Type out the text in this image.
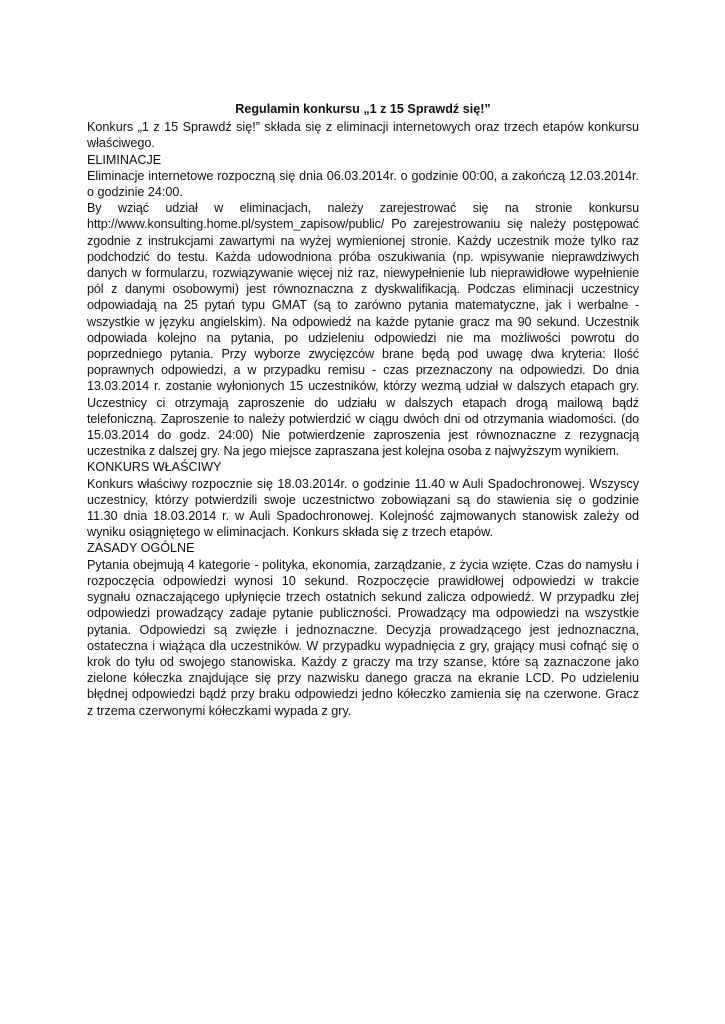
Regulamin konkursu „1 z 15 Sprawdź się!”

Konkurs „1 z 15 Sprawdź się!” składa się z eliminacji internetowych oraz trzech etapów konkursu właściwego.

ELIMINACJE

Eliminacje internetowe rozpoczną się dnia 06.03.2014r. o godzinie 00:00, a zakończą 12.03.2014r. o godzinie 24:00.

By wziąć udział w eliminacjach, należy zarejestrować się na stronie konkursu http://www.konsulting.home.pl/system_zapisow/public/ Po zarejestrowaniu się należy postępować zgodnie z instrukcjami zawartymi na wyżej wymienionej stronie. Każdy uczestnik może tylko raz podchodzić do testu. Każda udowodniona próba oszukiwania (np. wpisywanie nieprawdziwych danych w formularzu, rozwiązywanie więcej niż raz, niewypełnienie lub nieprawidłowe wypełnienie pól z danymi osobowymi) jest równoznaczna z dyskwalifikacją. Podczas eliminacji uczestnicy odpowiadają na 25 pytań typu GMAT (są to zarówno pytania matematyczne, jak i werbalne - wszystkie w języku angielskim). Na odpowiedź na każde pytanie gracz ma 90 sekund. Uczestnik odpowiada kolejno na pytania, po udzieleniu odpowiedzi nie ma możliwości powrotu do poprzedniego pytania. Przy wyborze zwycięzców brane będą pod uwagę dwa kryteria: Ilość poprawnych odpowiedzi, a w przypadku remisu - czas przeznaczony na odpowiedzi. Do dnia 13.03.2014 r. zostanie wyłonionych 15 uczestników, którzy wezmą udział w dalszych etapach gry. Uczestnicy ci otrzymają zaproszenie do udziału w dalszych etapach drogą mailową bądź telefoniczną. Zaproszenie to należy potwierdzić w ciągu dwóch dni od otrzymania wiadomości. (do 15.03.2014 do godz. 24:00) Nie potwierdzenie zaproszenia jest równoznaczne z rezygnacją uczestnika z dalszej gry. Na jego miejsce zapraszana jest kolejna osoba z najwyższym wynikiem.

KONKURS WŁAŚCIWY

Konkurs właściwy rozpocznie się 18.03.2014r. o godzinie 11.40 w Auli Spadochronowej. Wszyscy uczestnicy, którzy potwierdzili swoje uczestnictwo zobowiązani są do stawienia się o godzinie 11.30 dnia 18.03.2014 r. w Auli Spadochronowej. Kolejność zajmowanych stanowisk zależy od wyniku osiągniętego w eliminacjach. Konkurs składa się z trzech etapów.

ZASADY OGÓLNE

Pytania obejmują 4 kategorie - polityka, ekonomia, zarządzanie, z życia wzięte. Czas do namysłu i rozpoczęcia odpowiedzi wynosi 10 sekund. Rozpoczęcie prawidłowej odpowiedzi w trakcie sygnału oznaczającego upłynięcie trzech ostatnich sekund zalicza odpowiedź. W przypadku złej odpowiedzi prowadzący zadaje pytanie publiczności. Prowadzący ma odpowiedzi na wszystkie pytania. Odpowiedzi są zwięzłe i jednoznaczne. Decyzja prowadzącego jest jednoznaczna, ostateczna i wiążąca dla uczestników. W przypadku wypadnięcia z gry, grający musi cofnąć się o krok do tyłu od swojego stanowiska. Każdy z graczy ma trzy szanse, które są zaznaczone jako zielone kółeczka znajdujące się przy nazwisku danego gracza na ekranie LCD. Po udzieleniu błędnej odpowiedzi bądź przy braku odpowiedzi jedno kółeczko zamienia się na czerwone. Gracz z trzema czerwonymi kółeczkami wypada z gry.
